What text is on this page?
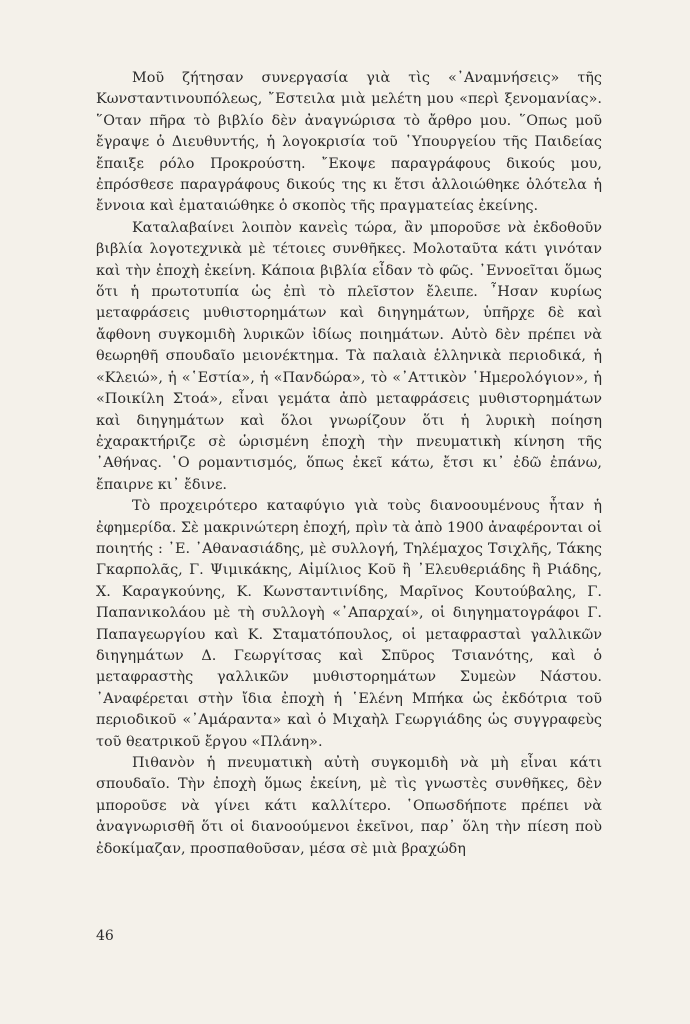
Μοῦ ζήτησαν συνεργασία γιὰ τὶς «᾿Αναμνήσεις» τῆς Κωνσταντινουπόλεως, ῎Εστειλα μιὰ μελέτη μου «περὶ ξενομανίας». ῞Οταν πῆρα τὸ βιβλίο δὲν ἀναγνώρισα τὸ ἄρθρο μου. ῞Οπως μοῦ ἔγραψε ὁ Διευθυντής, ἡ λογοκρισία τοῦ ῾Υπουργείου τῆς Παιδείας ἔπαιξε ρόλο Προκρούστη. ῎Εκοψε παραγράφους δικούς μου, ἐπρόσθεσε παραγράφους δικούς της κι ἔτσι ἀλλοιώθηκε ὁλότελα ἡ ἔννοια καὶ ἐματαιώθηκε ὁ σκοπὸς τῆς πραγματείας ἐκείνης.

Καταλαβαίνει λοιπὸν κανεὶς τώρα, ἂν μποροῦσε νὰ ἐκδοθοῦν βιβλία λογοτεχνικὰ μὲ τέτοιες συνθῆκες. Μολοταῦτα κάτι γινόταν καὶ τὴν ἐποχὴ ἐκείνη. Κάποια βιβλία εἶδαν τὸ φῶς. ᾿Εννοεῖται ὅμως ὅτι ἡ πρωτοτυπία ὡς ἐπὶ τὸ πλεῖστον ἔλειπε. ῏Ησαν κυρίως μεταφράσεις μυθιστορημάτων καὶ διηγημάτων, ὑπῆρχε δὲ καὶ ἄφθονη συγκομιδὴ λυρικῶν ἰδίως ποιημάτων. Αὐτὸ δὲν πρέπει νὰ θεωρηθῆ σπουδαῖο μειονέκτημα. Τὰ παλαιὰ ἑλληνικὰ περιοδικά, ἡ «Κλειώ», ἡ «῾Εστία», ἡ «Πανδώρα», τὸ «᾿Αττικὸν ῾Ημερολόγιον», ἡ «Ποικίλη Στοά», εἶναι γεμάτα ἀπὸ μεταφράσεις μυθιστορημάτων καὶ διηγημάτων καὶ ὅλοι γνωρίζουν ὅτι ἡ λυρικὴ ποίηση ἐχαρακτήριζε σὲ ὡρισμένη ἐποχὴ τὴν πνευματικὴ κίνηση τῆς ᾿Αθήνας. ῾Ο ρομαντισμός, ὅπως ἐκεῖ κάτω, ἔτσι κι᾿ ἐδῶ ἐπάνω, ἔπαιρνε κι᾿ ἔδινε.

Τὸ προχειρότερο καταφύγιο γιὰ τοὺς διανοουμένους ἦταν ἡ ἐφημερίδα. Σὲ μακρινώτερη ἐποχή, πρὶν τὰ ἀπὸ 1900 ἀναφέρονται οἱ ποιητής : ᾿Ε. ᾿Αθανασιάδης, μὲ συλλογή, Τηλέμαχος Τσιχλῆς, Τάκης Γκαρπολᾶς, Γ. Ψιμικάκης, Αἰμίλιος Κοῦ ἢ ᾿Ελευθεριάδης ἢ Ριάδης, Χ. Καραγκούνης, Κ. Κωνσταντινίδης, Μαρῖνος Κουτούβαλης, Γ. Παπανικολάου μὲ τὴ συλλογὴ «᾿Απαρχαί», οἱ διηγηματογράφοι Γ. Παπαγεωργίου καὶ Κ. Σταματόπουλος, οἱ μεταφρασταὶ γαλλικῶν διηγημάτων Δ. Γεωργίτσας καὶ Σπῦρος Τσιανότης, καὶ ὁ μεταφραστὴς γαλλικῶν μυθιστορημάτων Συμεὼν Νάστου. ᾿Αναφέρεται στὴν ἴδια ἐποχὴ ἡ ῾Ελένη Μπήκα ὡς ἐκδότρια τοῦ περιοδικοῦ «᾿Αμάραντα» καὶ ὁ Μιχαὴλ Γεωργιάδης ὡς συγγραφεὺς τοῦ θεατρικοῦ ἔργου «Πλάνη».

Πιθανὸν ἡ πνευματικὴ αὐτὴ συγκομιδὴ νὰ μὴ εἶναι κάτι σπουδαῖο. Τὴν ἐποχὴ ὅμως ἐκείνη, μὲ τὶς γνωστὲς συνθῆκες, δὲν μποροῦσε νὰ γίνει κάτι καλλίτερο. ῾Οπωσδήποτε πρέπει νὰ ἀναγνωρισθῆ ὅτι οἱ διανοούμενοι ἐκεῖνοι, παρ᾿ ὅλη τὴν πίεση ποὺ ἐδοκίμαζαν, προσπαθοῦσαν, μέσα σὲ μιὰ βραχώδη

46
